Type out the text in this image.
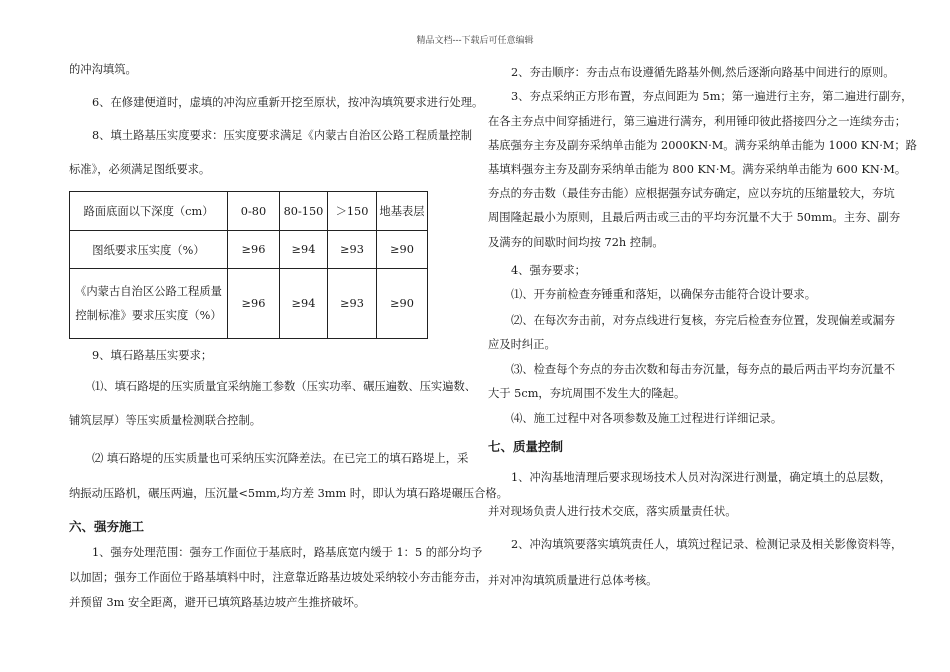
精品文档---下载后可任意编辑
的冲沟填筑。
6、在修建便道时，虚填的冲沟应重新开挖至原状，按冲沟填筑要求进行处理。
8、填土路基压实度要求：压实度要求满足《内蒙古自治区公路工程质量控制
标准》，必须满足图纸要求。
路面底面以下深度（cm）	0-80	80-150	＞150	地基表层
图纸要求压实度（%）	≥96	≥94	≥93	≥90

《内蒙古自治区公路工程质量
控制标准》要求压实度（%）	≥96	≥94	≥93	≥90
9、填石路基压实要求；
⑴、填石路堤的压实质量宜采纳施工参数（压实功率、碾压遍数、压实遍数、
铺筑层厚）等压实质量检测联合控制。
⑵ 填石路堤的压实质量也可采纳压实沉降差法。在已完工的填石路堤上，采
纳振动压路机，碾压两遍，压沉量<5mm,均方差 3mm 时，即认为填石路堤碾压合格。
六、强夯施工
1、强夯处理范围：强夯工作面位于基底时，路基底宽内缓于 1：5 的部分均予
以加固；强夯工作面位于路基填料中时，注意靠近路基边坡处采纳较小夯击能夯击，
并预留 3m 安全距离，避开已填筑路基边坡产生推挤破坏。
2、夯击顺序：夯击点布设遵循先路基外侧,然后逐渐向路基中间进行的原则。
3、夯点采纳正方形布置，夯点间距为 5m；第一遍进行主夯，第二遍进行副夯，
在各主夯点中间穿插进行，第三遍进行满夯，利用锤印彼此搭接四分之一连续夯击；
基底强夯主夯及副夯采纳单击能为 2000KN·M。满夯采纳单击能为 1000 KN·M；路
基填料强夯主夯及副夯采纳单击能为 800 KN·M。满夯采纳单击能为 600 KN·M。
夯点的夯击数（最佳夯击能）应根据强夯试夯确定，应以夯坑的压缩量较大，夯坑
周围隆起最小为原则，且最后两击或三击的平均夯沉量不大于 50mm。主夯、副夯
及满夯的间歇时间均按 72h 控制。
4、强夯要求；
⑴、开夯前检查夯锤重和落矩，以确保夯击能符合设计要求。
⑵、在每次夯击前，对夯点线进行复核，夯完后检查夯位置，发现偏差或漏夯
应及时纠正。
⑶、检查每个夯点的夯击次数和每击夯沉量，每夯点的最后两击平均夯沉量不
大于 5cm，夯坑周围不发生大的隆起。
⑷、施工过程中对各项参数及施工过程进行详细记录。
七、质量控制
1、冲沟基地清理后要求现场技术人员对沟深进行测量，确定填土的总层数，
并对现场负责人进行技术交底，落实质量责任状。
2、冲沟填筑要落实填筑责任人，填筑过程记录、检测记录及相关影像资料等，
并对冲沟填筑质量进行总体考核。
